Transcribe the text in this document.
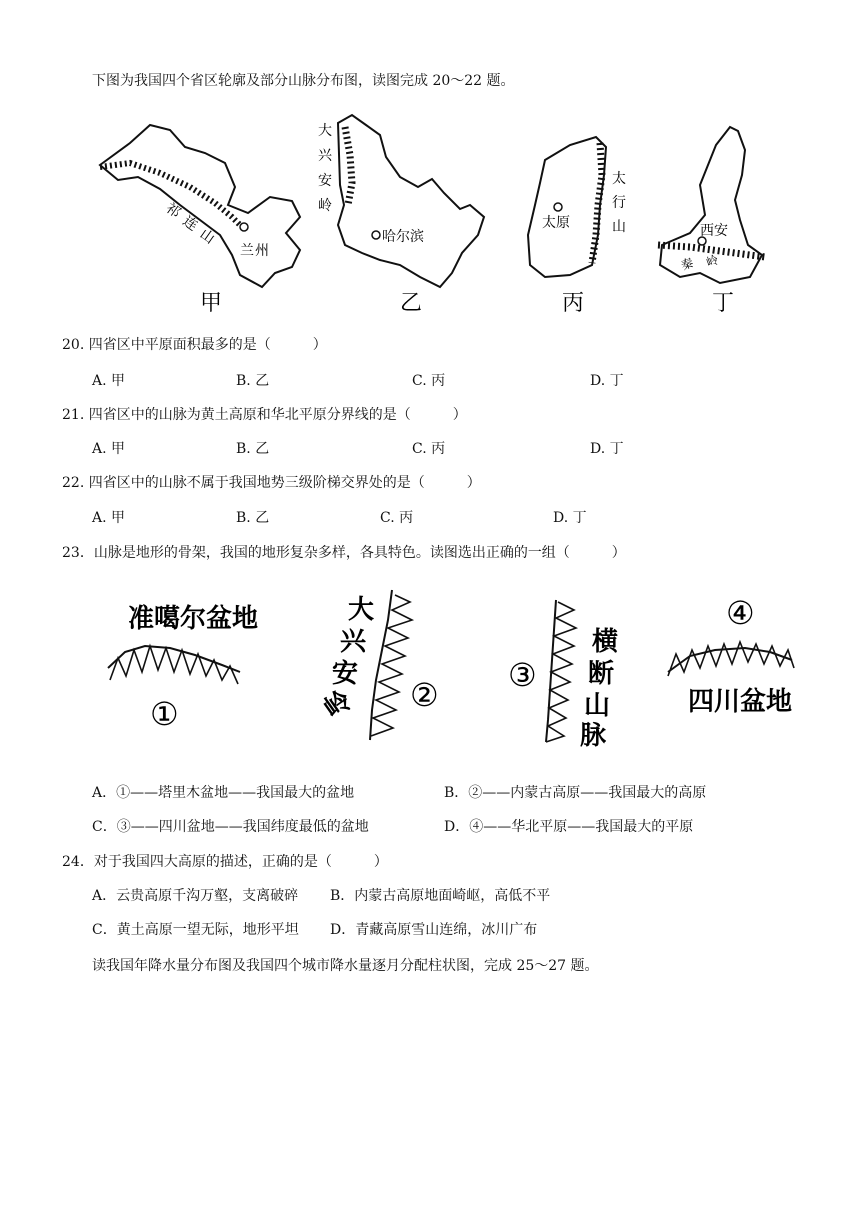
下图为我国四个省区轮廓及部分山脉分布图，读图完成 20～22 题。
祁
连
山
兰 州
甲
大
兴
安
岭
哈尔滨
乙
太
行
山
太原
丙
西安
秦 岭
丁
20. 四省区中平原面积最多的是（　　　）
A. 甲	B. 乙	C. 丙	D. 丁
21. 四省区中的山脉为黄土高原和华北平原分界线的是（　　　）
A. 甲	B. 乙	C. 丙	D. 丁
22. 四省区中的山脉不属于我国地势三级阶梯交界处的是（　　　）
A. 甲	B. 乙	C. 丙	D. 丁
23．山脉是地形的骨架，我国的地形复杂多样，各具特色。读图选出正确的一组（　　　）
准噶尔盆地
①
大
兴
安
岭 ②
③
横
断
山
脉
④
四川盆地
A．①——塔里木盆地——我国最大的盆地	B．②——内蒙古高原——我国最大的高原
C．③——四川盆地——我国纬度最低的盆地	D．④——华北平原——我国最大的平原
24．对于我国四大高原的描述，正确的是（　　　）
A．云贵高原千沟万壑，支离破碎 B．内蒙古高原地面崎岖，高低不平
C．黄土高原一望无际，地形平坦 D．青藏高原雪山连绵，冰川广布
读我国年降水量分布图及我国四个城市降水量逐月分配柱状图，完成 25～27 题。
